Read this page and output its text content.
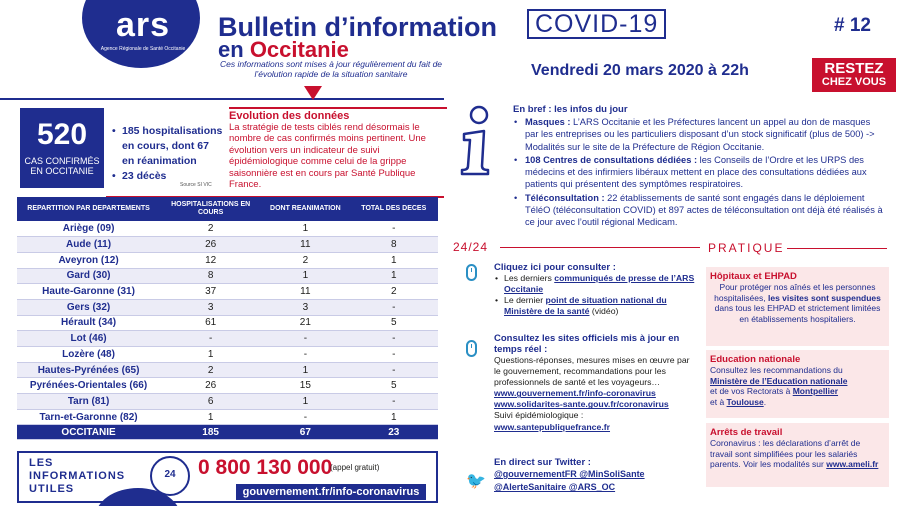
ars
Agence Régionale de Santé Occitanie
Bulletin d’information	COVID-19
en Occitanie
Ces informations sont mises à jour régulièrement du fait de l’évolution rapide de la situation sanitaire
# 12
Vendredi 20 mars 2020 à 22h	RESTEZ
CHEZ VOUS
520
CAS CONFIRMÉS EN OCCITANIE
• 185 hospitalisations en cours, dont 67 en réanimation
• 23 décès
Source SI VIC
Evolution des données
La stratégie de tests ciblés rend désormais le nombre de cas confirmés moins pertinent. Une évolution vers un indicateur de suivi épidémiologique comme celui de la grippe saisonnière est en cours par Santé Publique France.
REPARTITION PAR DEPARTEMENTS	HOSPITALISATIONS EN COURS	DONT REANIMATION	TOTAL DES DECES
Ariège (09)	2	1	-
Aude (11)	26	11	8
Aveyron (12)	12	2	1
Gard (30)	8	1	1
Haute-Garonne (31)	37	11	2
Gers (32)	3	3	-
Hérault (34)	61	21	5
Lot (46)	-	-	-
Lozère (48)	1	-	-
Hautes-Pyrénées (65)	2	1	-
Pyrénées-Orientales (66)	26	15	5
Tarn (81)	6	1	-
Tarn-et-Garonne (82)	1	-	1
OCCITANIE	185	67	23
LES INFORMATIONS UTILES
24	0 800 130 000
(appel gratuit)
gouvernement.fr/info-coronavirus
En bref : les infos du jour
• Masques : L’ARS Occitanie et les Préfectures lancent un appel au don de masques par les entreprises ou les particuliers disposant d’un stock significatif (plus de 500) -> Modalités sur le site de la Préfecture de Région Occitanie.
• 108 Centres de consultations dédiées : les Conseils de l’Ordre et les URPS des médecins et des infirmiers libéraux mettent en place des consultations dédiées aux patients qui présentent des symptômes respiratoires.
• Téléconsultation : 22 établissements de santé sont engagés dans le déploiement TéléO (téléconsultation COVID) et 897 actes de téléconsultation ont déjà été réalisés à ce jour avec l’outil régional Medicam.
24/24
Cliquez ici pour consulter :
• Les derniers communiqués de presse de l’ARS Occitanie
• Le dernier point de situation national du Ministère de la santé (vidéo)
Consultez les sites officiels mis à jour en temps réel :
Questions-réponses, mesures mises en œuvre par le gouvernement, recommandations pour les professionnels de santé et les voyageurs…
www.gouvernement.fr/info-coronavirus
www.solidarites-sante.gouv.fr/coronavirus
Suivi épidémiologique :
www.santepubliquefrance.fr
🐦
En direct sur Twitter :
@gouvernementFR @MinSoliSante
@AlerteSanitaire @ARS_OC
PRATIQUE
Hôpitaux et EHPAD
Pour protéger nos aînés et les personnes hospitalisées, les visites sont suspendues dans tous les EHPAD et strictement limitées en établissements hospitaliers.
Education nationale
Consultez les recommandations du
Ministère de l’Education nationale
et de vos Rectorats à Montpellier
et à Toulouse.
Arrêts de travail
Coronavirus : les déclarations d’arrêt de travail sont simplifiées pour les salariés parents. Voir les modalités sur www.ameli.fr
